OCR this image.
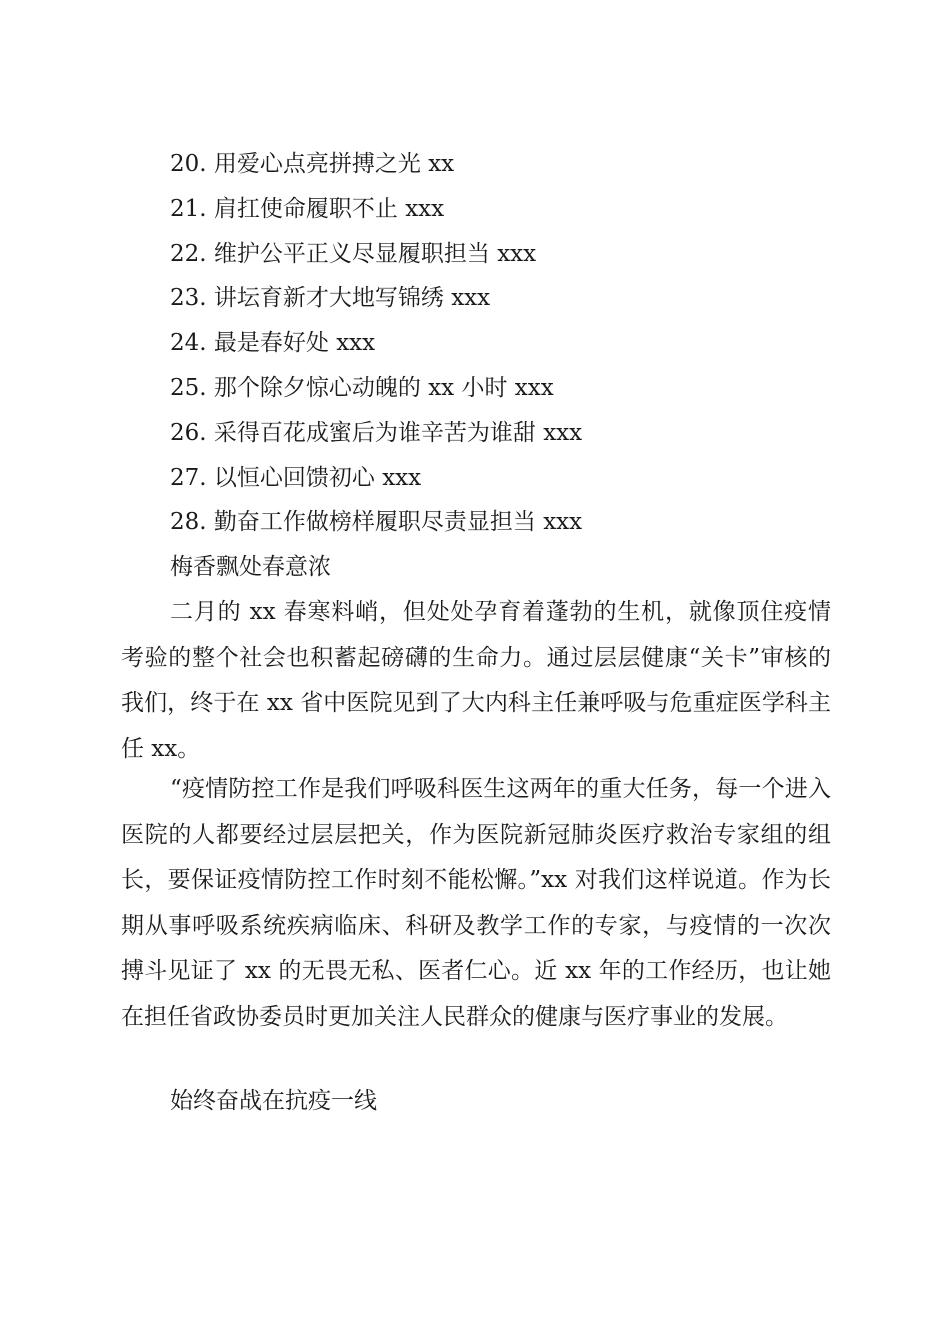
20. 用爱心点亮拼搏之光 xx
21. 肩扛使命履职不止 xxx
22. 维护公平正义尽显履职担当 xxx
23. 讲坛育新才大地写锦绣 xxx
24. 最是春好处 xxx
25. 那个除夕惊心动魄的 xx 小时 xxx
26. 采得百花成蜜后为谁辛苦为谁甜 xxx
27. 以恒心回馈初心 xxx
28. 勤奋工作做榜样履职尽责显担当 xxx
梅香飘处春意浓

二月的 xx 春寒料峭，但处处孕育着蓬勃的生机，就像顶住疫情考验的整个社会也积蓄起磅礴的生命力。通过层层健康“关卡”审核的我们，终于在 xx 省中医院见到了大内科主任兼呼吸与危重症医学科主任 xx。

“疫情防控工作是我们呼吸科医生这两年的重大任务，每一个进入医院的人都要经过层层把关，作为医院新冠肺炎医疗救治专家组的组长，要保证疫情防控工作时刻不能松懈。”xx 对我们这样说道。作为长期从事呼吸系统疾病临床、科研及教学工作的专家，与疫情的一次次搏斗见证了 xx 的无畏无私、医者仁心。近 xx 年的工作经历，也让她在担任省政协委员时更加关注人民群众的健康与医疗事业的发展。

始终奋战在抗疫一线
